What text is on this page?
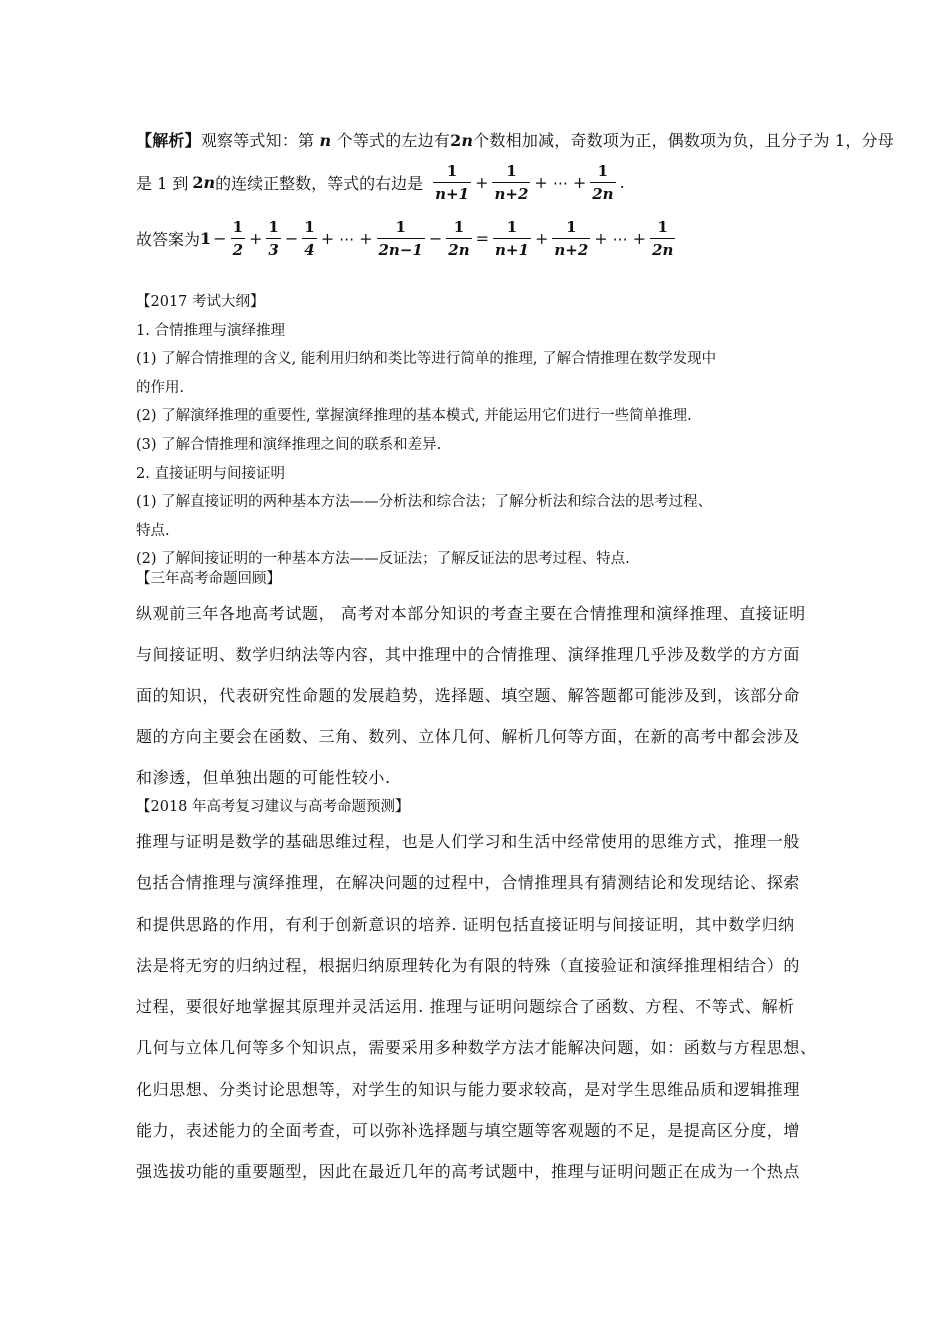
【解析】观察等式知：第 n 个等式的左边有2n个数相加减，奇数项为正，偶数项为负，且分子为 1，分母
是 1 到 2 n 的连续正整数，等式的右边是 $\frac{1}{n+1} + \frac{1}{n+2}$ + ⋯ + $\frac{1}{2n}$ .
故答案为 $1 - \frac{1}{2} + \frac{1}{3} - \frac{1}{4}$ + ⋯ + $\frac{1}{2n-1} - \frac{1}{2n} = \frac{1}{n+1} + \frac{1}{n+2}$ + ⋯ + $\frac{1}{2n}$
【2017 考试大纲】
1. 合情推理与演绎推理
(1) 了解合情推理的含义, 能利用归纳和类比等进行简单的推理, 了解合情推理在数学发现中
的作用.
(2) 了解演绎推理的重要性, 掌握演绎推理的基本模式, 并能运用它们进行一些简单推理.
(3) 了解合情推理和演绎推理之间的联系和差异.
2. 直接证明与间接证明
(1) 了解直接证明的两种基本方法——分析法和综合法；了解分析法和综合法的思考过程、
特点.
(2) 了解间接证明的一种基本方法——反证法；了解反证法的思考过程、特点.
【三年高考命题回顾】
纵观前三年各地高考试题， 高考对本部分知识的考查主要在合情推理和演绎推理、直接证明
与间接证明、数学归纳法等内容，其中推理中的合情推理、演绎推理几乎涉及数学的方方面
面的知识，代表研究性命题的发展趋势，选择题、填空题、解答题都可能涉及到，该部分命
题的方向主要会在函数、三角、数列、立体几何、解析几何等方面，在新的高考中都会涉及
和渗透，但单独出题的可能性较小.
【2018 年高考复习建议与高考命题预测】
推理与证明是数学的基础思维过程，也是人们学习和生活中经常使用的思维方式，推理一般
包括合情推理与演绎推理，在解决问题的过程中，合情推理具有猜测结论和发现结论、探索
和提供思路的作用，有利于创新意识的培养. 证明包括直接证明与间接证明，其中数学归纳
法是将无穷的归纳过程，根据归纳原理转化为有限的特殊（直接验证和演绎推理相结合）的
过程，要很好地掌握其原理并灵活运用. 推理与证明问题综合了函数、方程、不等式、解析
几何与立体几何等多个知识点，需要采用多种数学方法才能解决问题，如：函数与方程思想、
化归思想、分类讨论思想等，对学生的知识与能力要求较高，是对学生思维品质和逻辑推理
能力，表述能力的全面考查，可以弥补选择题与填空题等客观题的不足，是提高区分度，增
强选拔功能的重要题型，因此在最近几年的高考试题中，推理与证明问题正在成为一个热点
